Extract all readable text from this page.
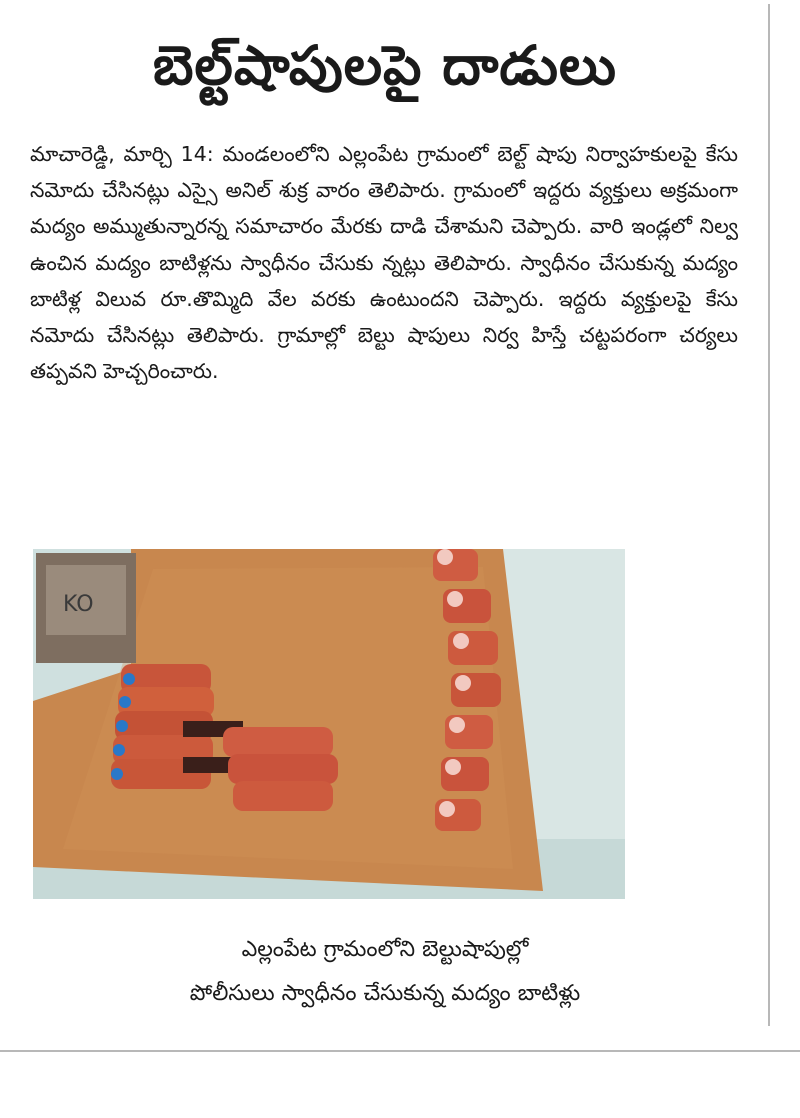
బెల్ట్‌షాపులపై దాడులు

మాచారెడ్డి, మార్చి 14: మండలంలోని ఎల్లంపేట గ్రామంలో బెల్ట్ షాపు నిర్వాహకులపై కేసు నమోదు చేసినట్లు ఎస్సై అనిల్ శుక్ర వారం తెలిపారు. గ్రామంలో ఇద్దరు వ్యక్తులు అక్రమంగా మద్యం అమ్ముతున్నారన్న సమాచారం మేరకు దాడి చేశామని చెప్పారు. వారి ఇండ్లలో నిల్వ ఉంచిన మద్యం బాటిళ్లను స్వాధీనం చేసుకు న్నట్లు తెలిపారు. స్వాధీనం చేసుకున్న మద్యం బాటిళ్ల విలువ రూ.తొమ్మిది వేల వరకు ఉంటుందని చెప్పారు. ఇద్దరు వ్యక్తులపై కేసు నమోదు చేసినట్లు తెలిపారు. గ్రామాల్లో బెల్టు షాపులు నిర్వ హిస్తే చట్టపరంగా చర్యలు తప్పవని హెచ్చరించారు.

KO
ఎల్లంపేట గ్రామంలోని బెల్టుషాపుల్లో
పోలీసులు స్వాధీనం చేసుకున్న మద్యం బాటిళ్లు
